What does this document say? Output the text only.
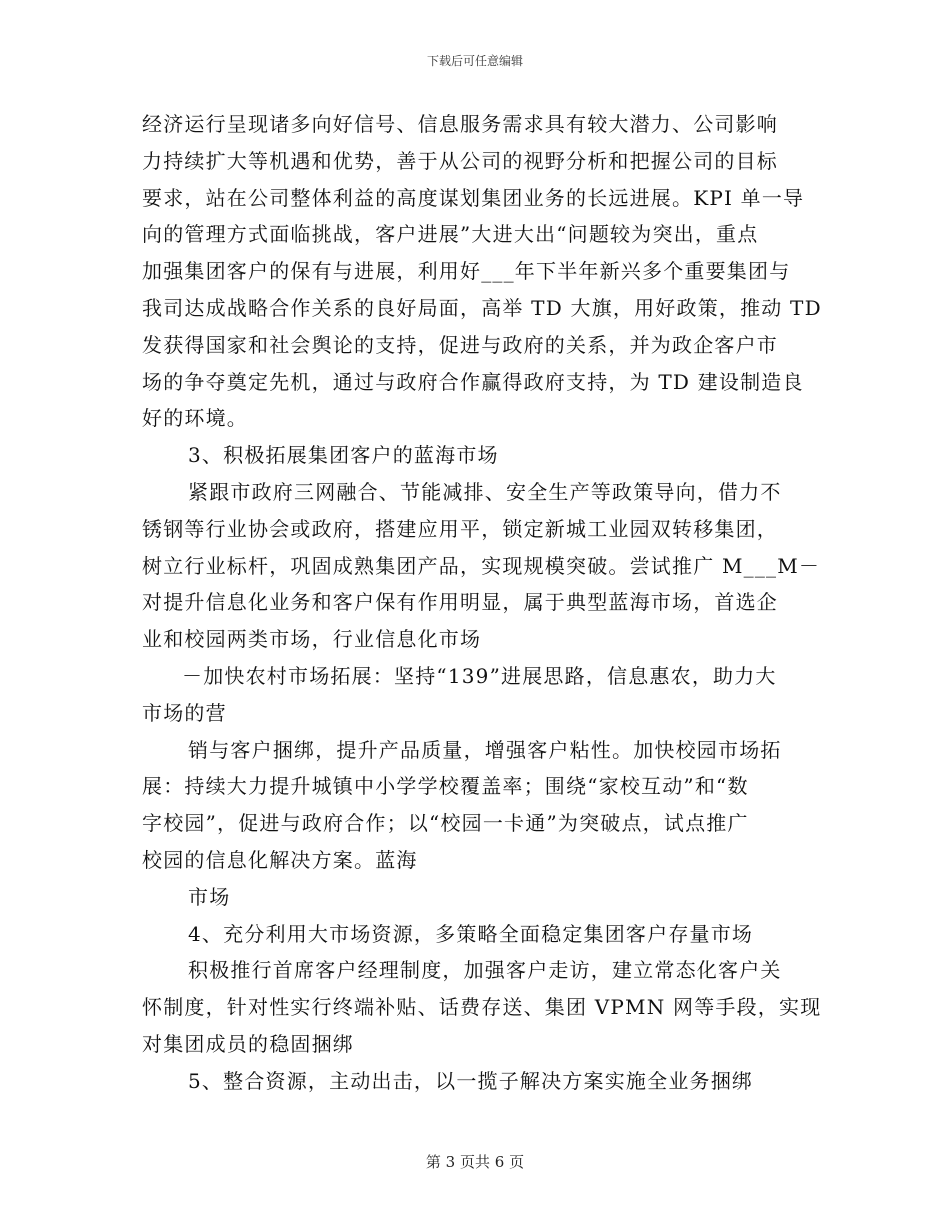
下载后可任意编辑
经济运行呈现诸多向好信号、信息服务需求具有较大潜力、公司影响
力持续扩大等机遇和优势，善于从公司的视野分析和把握公司的目标
要求，站在公司整体利益的高度谋划集团业务的长远进展。KPI 单一导
向的管理方式面临挑战，客户进展”大进大出“问题较为突出，重点
加强集团客户的保有与进展，利用好___年下半年新兴多个重要集团与
我司达成战略合作关系的良好局面，高举 TD 大旗，用好政策，推动 TD
发获得国家和社会舆论的支持，促进与政府的关系，并为政企客户市
场的争夺奠定先机，通过与政府合作赢得政府支持，为 TD 建设制造良
好的环境。
3、积极拓展集团客户的蓝海市场
紧跟市政府三网融合、节能减排、安全生产等政策导向，借力不
锈钢等行业协会或政府，搭建应用平，锁定新城工业园双转移集团，
树立行业标杆，巩固成熟集团产品，实现规模突破。尝试推广 M___M－
对提升信息化业务和客户保有作用明显，属于典型蓝海市场，首选企
业和校园两类市场，行业信息化市场
－加快农村市场拓展：坚持“139”进展思路，信息惠农，助力大
市场的营
销与客户捆绑，提升产品质量，增强客户粘性。加快校园市场拓
展：持续大力提升城镇中小学学校覆盖率；围绕“家校互动”和“数
字校园”，促进与政府合作；以“校园一卡通”为突破点，试点推广
校园的信息化解决方案。蓝海
市场
4、充分利用大市场资源，多策略全面稳定集团客户存量市场
积极推行首席客户经理制度，加强客户走访，建立常态化客户关
怀制度，针对性实行终端补贴、话费存送、集团 VPMN 网等手段，实现
对集团成员的稳固捆绑
5、整合资源，主动出击，以一揽子解决方案实施全业务捆绑
第 3 页共 6 页
